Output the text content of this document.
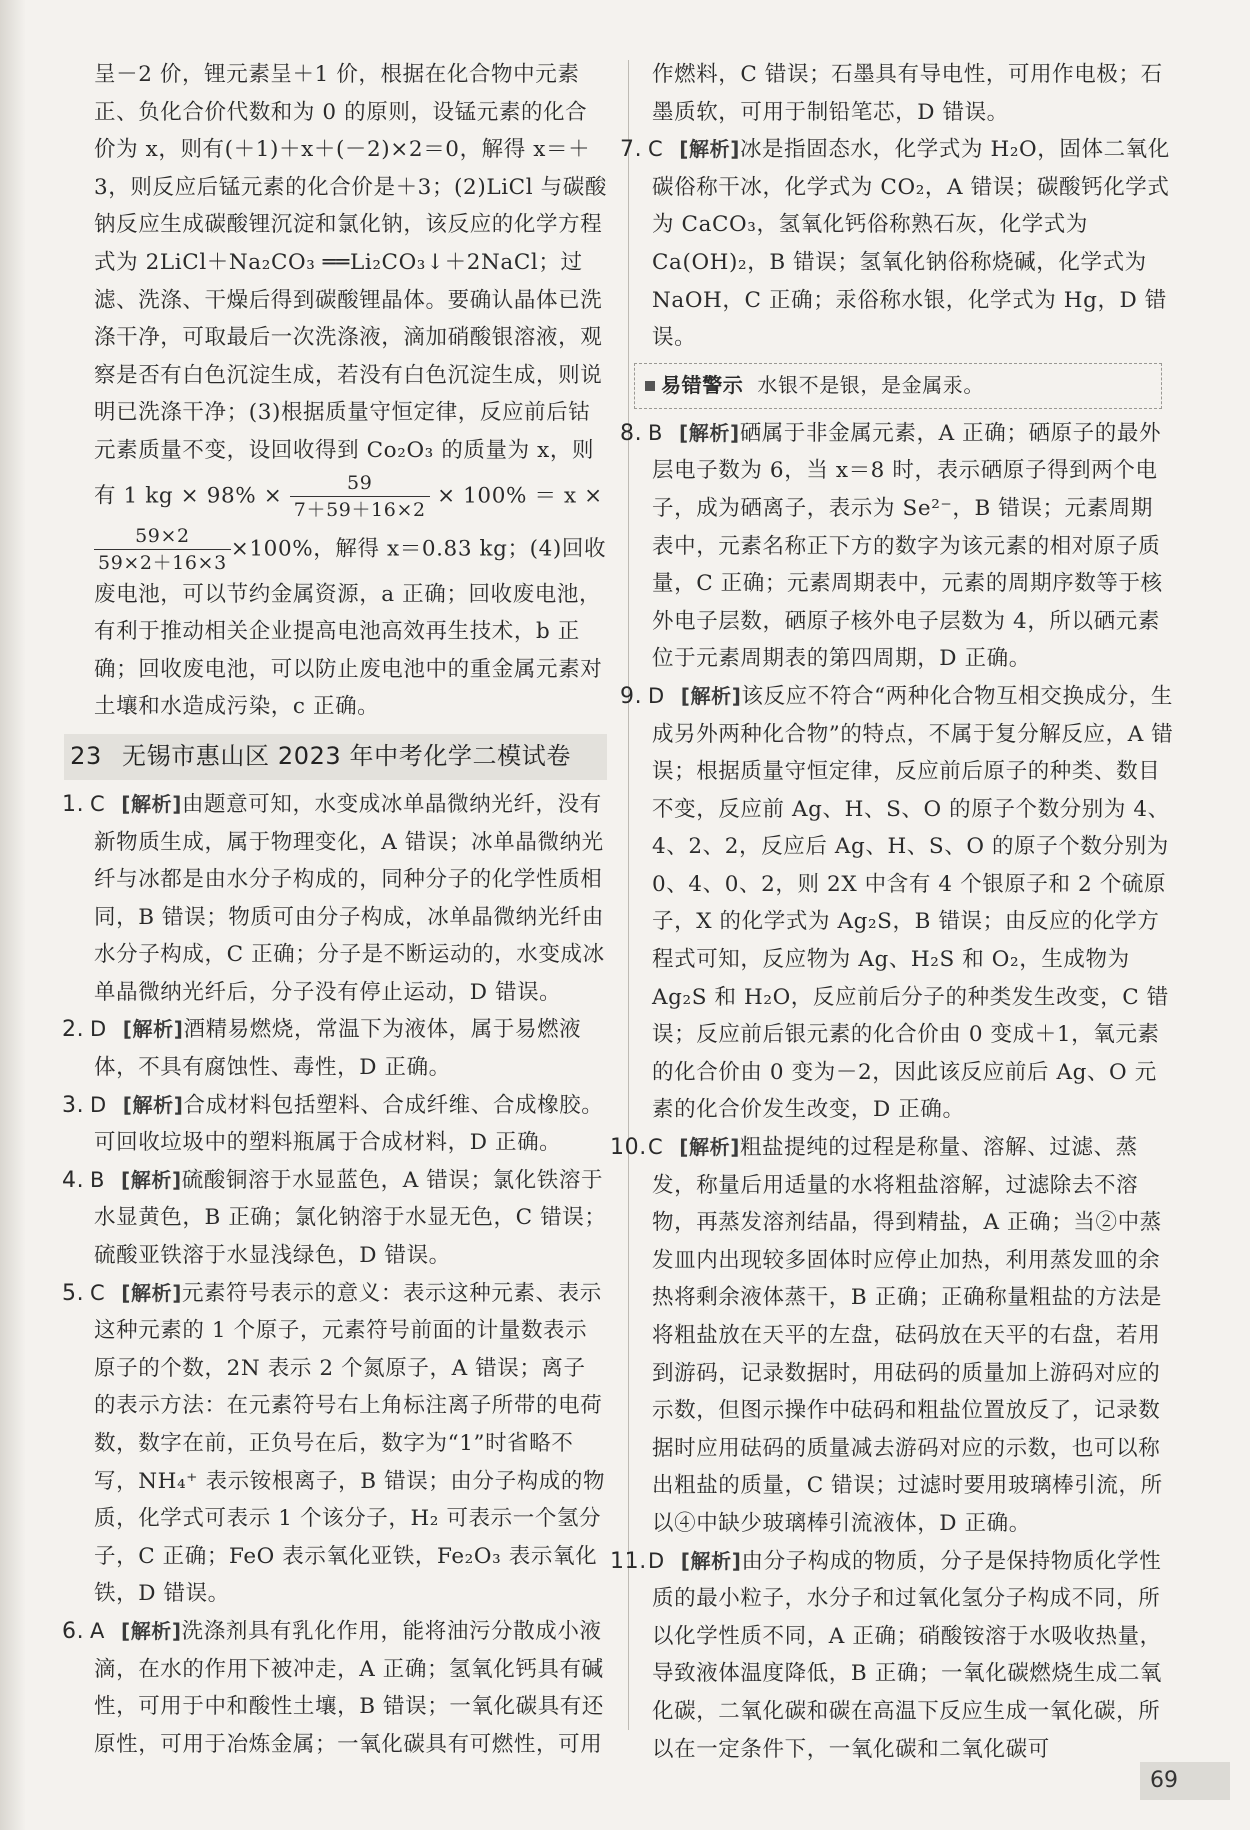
呈－2 价，锂元素呈＋1 价，根据在化合物中元素正、负化合价代数和为 0 的原则，设锰元素的化合价为 x，则有(＋1)＋x＋(－2)×2＝0，解得 x＝＋3，则反应后锰元素的化合价是＋3；(2)LiCl 与碳酸钠反应生成碳酸锂沉淀和氯化钠，该反应的化学方程式为 2LiCl＋Na₂CO₃ ══Li₂CO₃↓＋2NaCl；过滤、洗涤、干燥后得到碳酸锂晶体。要确认晶体已洗涤干净，可取最后一次洗涤液，滴加硝酸银溶液，观察是否有白色沉淀生成，若没有白色沉淀生成，则说明已洗涤干净；(3)根据质量守恒定律，反应前后钴元素质量不变，设回收得到 Co₂O₃ 的质量为 x，则

有 1 kg × $98\% \times \frac{59}{7+59+16\times 2} \times 100\% = x$ ×

$\frac{59\times 2}{59\times 2+16\times 3} \times 100\%$，解得 x＝0.83 kg；(4)回收废电池，可以节约金属资源，a 正确；回收废电池，有利于推动相关企业提高电池高效再生技术，b 正确；回收废电池，可以防止废电池中的重金属元素对土壤和水造成污染，c 正确。

23 无锡市惠山区 2023 年中考化学二模试卷
1. C [解析]由题意可知，水变成冰单晶微纳光纤，没有新物质生成，属于物理变化，A 错误；冰单晶微纳光纤与冰都是由水分子构成的，同种分子的化学性质相同，B 错误；物质可由分子构成，冰单晶微纳光纤由水分子构成，C 正确；分子是不断运动的，水变成冰单晶微纳光纤后，分子没有停止运动，D 错误。
2. D [解析]酒精易燃烧，常温下为液体，属于易燃液体，不具有腐蚀性、毒性，D 正确。
3. D [解析]合成材料包括塑料、合成纤维、合成橡胶。可回收垃圾中的塑料瓶属于合成材料，D 正确。
4. B [解析]硫酸铜溶于水显蓝色，A 错误；氯化铁溶于水显黄色，B 正确；氯化钠溶于水显无色，C 错误；硫酸亚铁溶于水显浅绿色，D 错误。
5. C [解析]元素符号表示的意义：表示这种元素、表示这种元素的 1 个原子，元素符号前面的计量数表示原子的个数，2N 表示 2 个氮原子，A 错误；离子的表示方法：在元素符号右上角标注离子所带的电荷数，数字在前，正负号在后，数字为“1”时省略不写，NH₄⁺ 表示铵根离子，B 错误；由分子构成的物质，化学式可表示 1 个该分子，H₂ 可表示一个氢分子，C 正确；FeO 表示氧化亚铁，Fe₂O₃ 表示氧化铁，D 错误。
6. A [解析]洗涤剂具有乳化作用，能将油污分散成小液滴，在水的作用下被冲走，A 正确；氢氧化钙具有碱性，可用于中和酸性土壤，B 错误；一氧化碳具有还原性，可用于冶炼金属；一氧化碳具有可燃性，可用

作燃料，C 错误；石墨具有导电性，可用作电极；石墨质软，可用于制铅笔芯，D 错误。

7. C [解析]冰是指固态水，化学式为 H₂O，固体二氧化碳俗称干冰，化学式为 CO₂，A 错误；碳酸钙化学式为 CaCO₃，氢氧化钙俗称熟石灰，化学式为 Ca(OH)₂，B 错误；氢氧化钠俗称烧碱，化学式为 NaOH，C 正确；汞俗称水银，化学式为 Hg，D 错误。
易错警示 水银不是银，是金属汞。
8. B [解析]硒属于非金属元素，A 正确；硒原子的最外层电子数为 6，当 x＝8 时，表示硒原子得到两个电子，成为硒离子，表示为 Se²⁻，B 错误；元素周期表中，元素名称正下方的数字为该元素的相对原子质量，C 正确；元素周期表中，元素的周期序数等于核外电子层数，硒原子核外电子层数为 4，所以硒元素位于元素周期表的第四周期，D 正确。
9. D [解析]该反应不符合“两种化合物互相交换成分，生成另外两种化合物”的特点，不属于复分解反应，A 错误；根据质量守恒定律，反应前后原子的种类、数目不变，反应前 Ag、H、S、O 的原子个数分别为 4、4、2、2，反应后 Ag、H、S、O 的原子个数分别为 0、4、0、2，则 2X 中含有 4 个银原子和 2 个硫原子，X 的化学式为 Ag₂S，B 错误；由反应的化学方程式可知，反应物为 Ag、H₂S 和 O₂，生成物为 Ag₂S 和 H₂O，反应前后分子的种类发生改变，C 错误；反应前后银元素的化合价由 0 变成＋1，氧元素的化合价由 0 变为－2，因此该反应前后 Ag、O 元素的化合价发生改变，D 正确。
10.C [解析]粗盐提纯的过程是称量、溶解、过滤、蒸发，称量后用适量的水将粗盐溶解，过滤除去不溶物，再蒸发溶剂结晶，得到精盐，A 正确；当②中蒸发皿内出现较多固体时应停止加热，利用蒸发皿的余热将剩余液体蒸干，B 正确；正确称量粗盐的方法是将粗盐放在天平的左盘，砝码放在天平的右盘，若用到游码，记录数据时，用砝码的质量加上游码对应的示数，但图示操作中砝码和粗盐位置放反了，记录数据时应用砝码的质量减去游码对应的示数，也可以称出粗盐的质量，C 错误；过滤时要用玻璃棒引流，所以④中缺少玻璃棒引流液体，D 正确。
11.D [解析]由分子构成的物质，分子是保持物质化学性质的最小粒子，水分子和过氧化氢分子构成不同，所以化学性质不同，A 正确；硝酸铵溶于水吸收热量，导致液体温度降低，B 正确；一氧化碳燃烧生成二氧化碳，二氧化碳和碳在高温下反应生成一氧化碳，所以在一定条件下，一氧化碳和二氧化碳可
69
